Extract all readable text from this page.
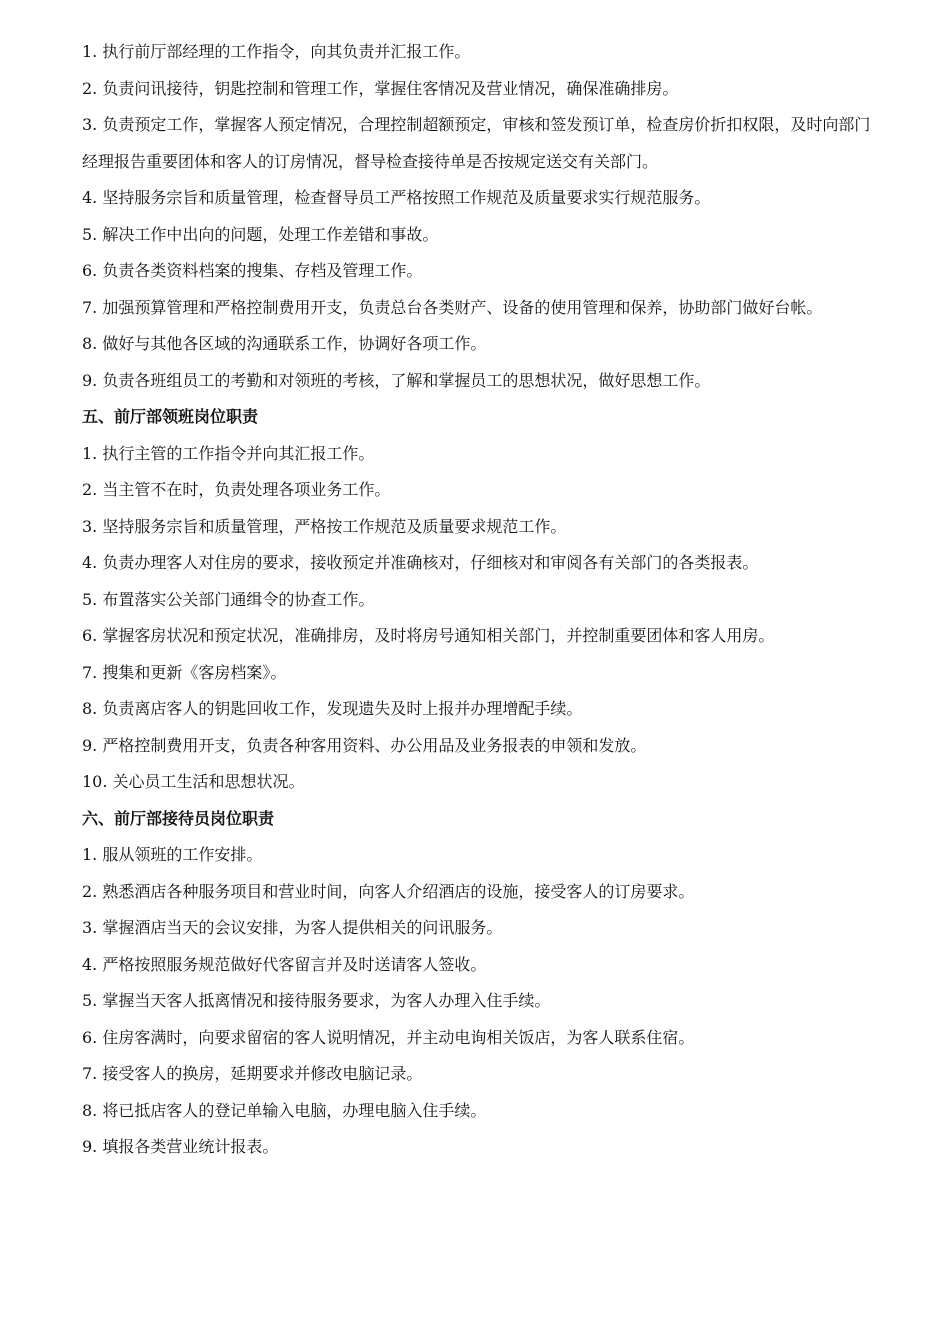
1. 执行前厅部经理的工作指令，向其负责并汇报工作。

2. 负责问讯接待，钥匙控制和管理工作，掌握住客情况及营业情况，确保准确排房。

3. 负责预定工作，掌握客人预定情况，合理控制超额预定，审核和签发预订单，检查房价折扣权限，及时向部门经理报告重要团体和客人的订房情况，督导检查接待单是否按规定送交有关部门。

4. 坚持服务宗旨和质量管理，检查督导员工严格按照工作规范及质量要求实行规范服务。

5. 解决工作中出向的问题，处理工作差错和事故。

6. 负责各类资料档案的搜集、存档及管理工作。

7. 加强预算管理和严格控制费用开支，负责总台各类财产、设备的使用管理和保养，协助部门做好台帐。

8. 做好与其他各区域的沟通联系工作，协调好各项工作。

9. 负责各班组员工的考勤和对领班的考核，了解和掌握员工的思想状况，做好思想工作。

五、前厅部领班岗位职责

1. 执行主管的工作指令并向其汇报工作。

2. 当主管不在时，负责处理各项业务工作。

3. 坚持服务宗旨和质量管理，严格按工作规范及质量要求规范工作。

4. 负责办理客人对住房的要求，接收预定并准确核对，仔细核对和审阅各有关部门的各类报表。

5. 布置落实公关部门通缉令的协查工作。

6. 掌握客房状况和预定状况，准确排房，及时将房号通知相关部门，并控制重要团体和客人用房。

7. 搜集和更新《客房档案》。

8. 负责离店客人的钥匙回收工作，发现遗失及时上报并办理增配手续。

9. 严格控制费用开支，负责各种客用资料、办公用品及业务报表的申领和发放。

10. 关心员工生活和思想状况。

六、前厅部接待员岗位职责

1. 服从领班的工作安排。

2. 熟悉酒店各种服务项目和营业时间，向客人介绍酒店的设施，接受客人的订房要求。

3. 掌握酒店当天的会议安排，为客人提供相关的问讯服务。

4. 严格按照服务规范做好代客留言并及时送请客人签收。

5. 掌握当天客人抵离情况和接待服务要求，为客人办理入住手续。

6. 住房客满时，向要求留宿的客人说明情况，并主动电询相关饭店，为客人联系住宿。

7. 接受客人的换房，延期要求并修改电脑记录。

8. 将已抵店客人的登记单输入电脑，办理电脑入住手续。

9. 填报各类营业统计报表。
